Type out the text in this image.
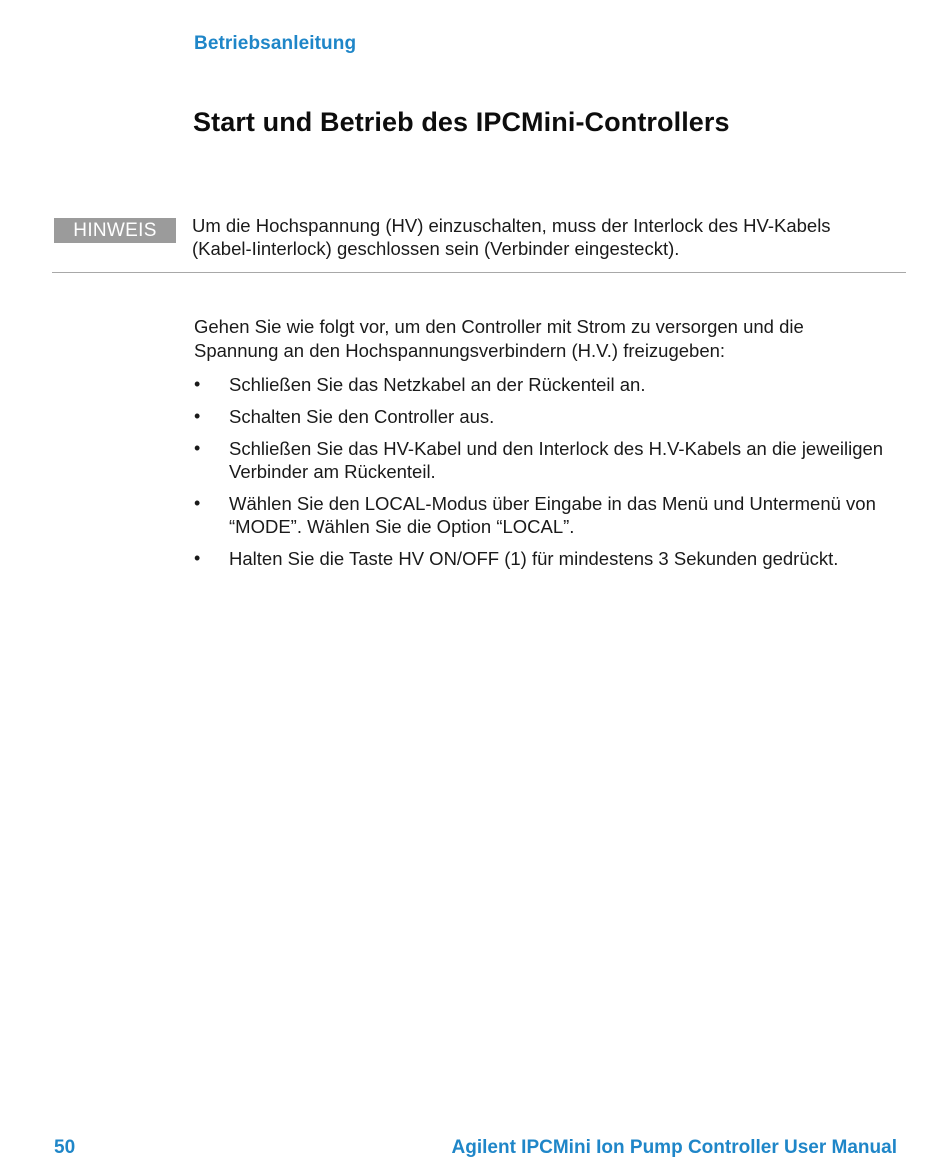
Betriebsanleitung
Start und Betrieb des IPCMini-Controllers
HINWEIS	Um die Hochspannung (HV) einzuschalten, muss der Interlock des HV-Kabels
(Kabel-Iinterlock) geschlossen sein (Verbinder eingesteckt).
Gehen Sie wie folgt vor, um den Controller mit Strom zu versorgen und die
Spannung an den Hochspannungsverbindern (H.V.) freizugeben:
• Schließen Sie das Netzkabel an der Rückenteil an.
• Schalten Sie den Controller aus.
• Schließen Sie das HV-Kabel und den Interlock des H.V-Kabels an die jeweiligen
Verbinder am Rückenteil.
• Wählen Sie den LOCAL-Modus über Eingabe in das Menü und Untermenü von
“MODE”. Wählen Sie die Option “LOCAL”.
• Halten Sie die Taste HV ON/OFF (1) für mindestens 3 Sekunden gedrückt.
50	Agilent IPCMini Ion Pump Controller User Manual
